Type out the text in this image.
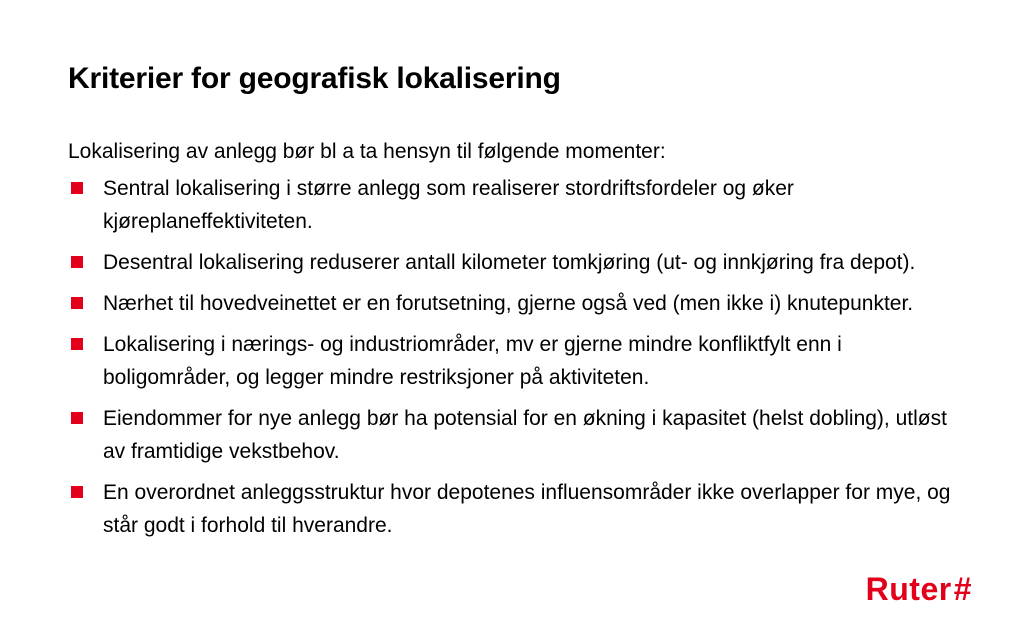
Kriterier for geografisk lokalisering

Lokalisering av anlegg bør bl a ta hensyn til følgende momenter:

Sentral lokalisering i større anlegg som realiserer stordriftsfordeler og øker kjøreplaneffektiviteten.
Desentral lokalisering reduserer antall kilometer tomkjøring (ut- og innkjøring fra depot).
Nærhet til hovedveinettet er en forutsetning, gjerne også ved (men ikke i) knutepunkter.
Lokalisering i nærings- og industriområder, mv er gjerne mindre konfliktfylt enn i boligområder, og legger mindre restriksjoner på aktiviteten.
Eiendommer for nye anlegg bør ha potensial for en økning i kapasitet (helst dobling), utløst av framtidige vekstbehov.
En overordnet anleggsstruktur hvor depotenes influensområder ikke overlapper for mye, og står godt i forhold til hverandre.
Ruter #
